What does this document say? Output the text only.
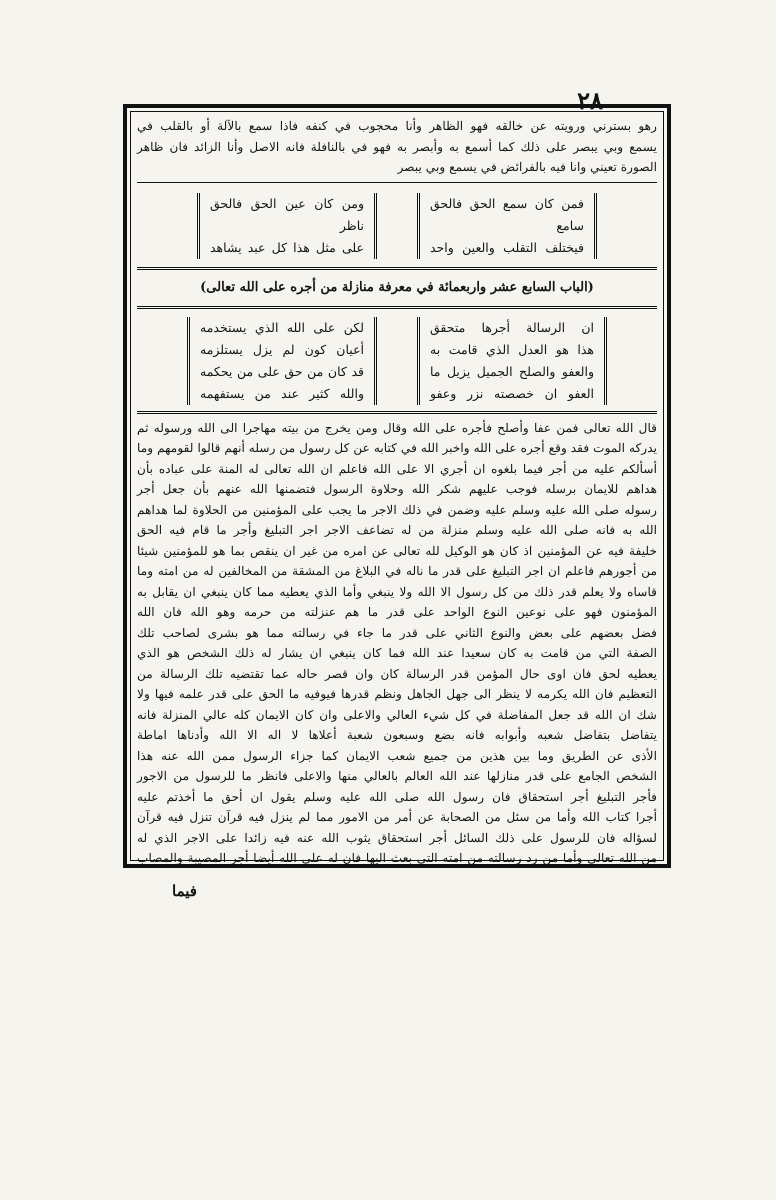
٢٨
رهو بسترني ورويته عن خالقه فهو الظاهر وأنا محجوب في كنفه فاذا سمع بالآلة أو بالقلب في
يسمع وبي يبصر على ذلك كما أسمع به وأبصر به فهو في بالنافلة فانه الاصل وأنا الزائد فان ظاهر
الصورة تعيني وانا فيه بالفرائض في يسمع وبي يبصر
فمن كان سمع الحق فالحق سامع
فيختلف التقلب والعين واحد
ومن كان عين الحق فالحق ناظر
على مثل هذا كل عبد يشاهد
(الباب السابع عشر واربعمائة في معرفة منازلة من أجره على الله تعالى)
ان الرسالة أجرها متحقق
هذا هو العدل الذي قامت به
والعفو والصلح الجميل يزيل ما
العفو ان خصصته نزر وعفو
لكن على الله الذي يستخدمه
أعيان كون لم يزل يستلزمه
قد كان من حق على من يحكمه
والله كثير عند من يستفهمه
قال الله تعالى فمن عفا وأصلح فأجره على الله وقال ومن يخرج من بيته مهاجرا الى الله ورسوله ثم
يدركه الموت فقد وقع أجره على الله واخبر الله في كتابه عن كل رسول من رسله أنهم قالوا لقومهم وما
أسألكم عليه من أجر فيما بلغوه ان أجري الا على الله فاعلم ان الله تعالى له المنة على عباده بأن
هداهم للايمان برسله فوجب عليهم شكر الله وحلاوة الرسول فتضمنها الله عنهم بأن جعل أجر
رسوله صلى الله عليه وسلم عليه وضمن في ذلك الاجر ما يجب على المؤمنين من الحلاوة لما هداهم
الله به فانه صلى الله عليه وسلم منزلة من له تضاعف الاجر اجر التبليغ وأجر ما قام فيه الحق
خليفة فيه عن المؤمنين اذ كان هو الوكيل لله تعالى عن امره من غير ان ينقص بما هو للمؤمنين شيئا
من أجورهم فاعلم ان اجر التبليغ على قدر ما ناله في البلاغ من المشقة من المخالفين له من امته وما
قاساه ولا يعلم قدر ذلك من كل رسول الا الله ولا ينبغي وأما الذي يعطيه مما كان ينبغي ان يقابل به
المؤمنون فهو على نوعين النوع الواحد على قدر ما هم عنزلته من حرمه وهو الله فان الله
فضل بعضهم على بعض والنوع الثاني على قدر ما جاء في رسالته مما هو بشرى لصاحب تلك
الصفة التي من قامت به كان سعيدا عند الله فما كان ينبغي ان يشار له ذلك الشخص هو الذي
يعطيه لحق فان اوى حال المؤمن قدر الرسالة كان وان قصر حاله عما تقتضيه تلك الرسالة من
التعظيم فان الله يكرمه لا ينظر الى جهل الجاهل ونظم قدرها فيوفيه ما الحق على قدر علمه فيها ولا
شك ان الله قد جعل المفاضلة في كل شيء العالي والاعلى وان كان الايمان كله عالي المنزلة فانه
يتفاضل بتفاضل شعبه وأبوابه فانه بضع وسبعون شعبة أعلاها لا اله الا الله وأدناها اماطة
الأذى عن الطريق وما بين هذين من جميع شعب الايمان كما جزاء الرسول ممن الله عنه هذا
الشخص الجامع على قدر منازلها عند الله العالم بالعالي منها والاعلى فانظر ما للرسول من الاجور
فأجر التبليغ أجر استحقاق فان رسول الله صلى الله عليه وسلم يقول ان أحق ما أخذتم عليه
أجرا كتاب الله وأما من سئل من الصحابة عن أمر من الامور مما لم ينزل فيه قرآن تنزل فيه قرآن
لسؤاله فان للرسول على ذلك السائل أجر استحقاق يثوب الله عنه فيه زائدا على الاجر الذي له
من الله تعالى وأما من رد رسالته من امته التي بعث اليها فان له على الله أيضا أجر المصيبة والمصاب
فيما
